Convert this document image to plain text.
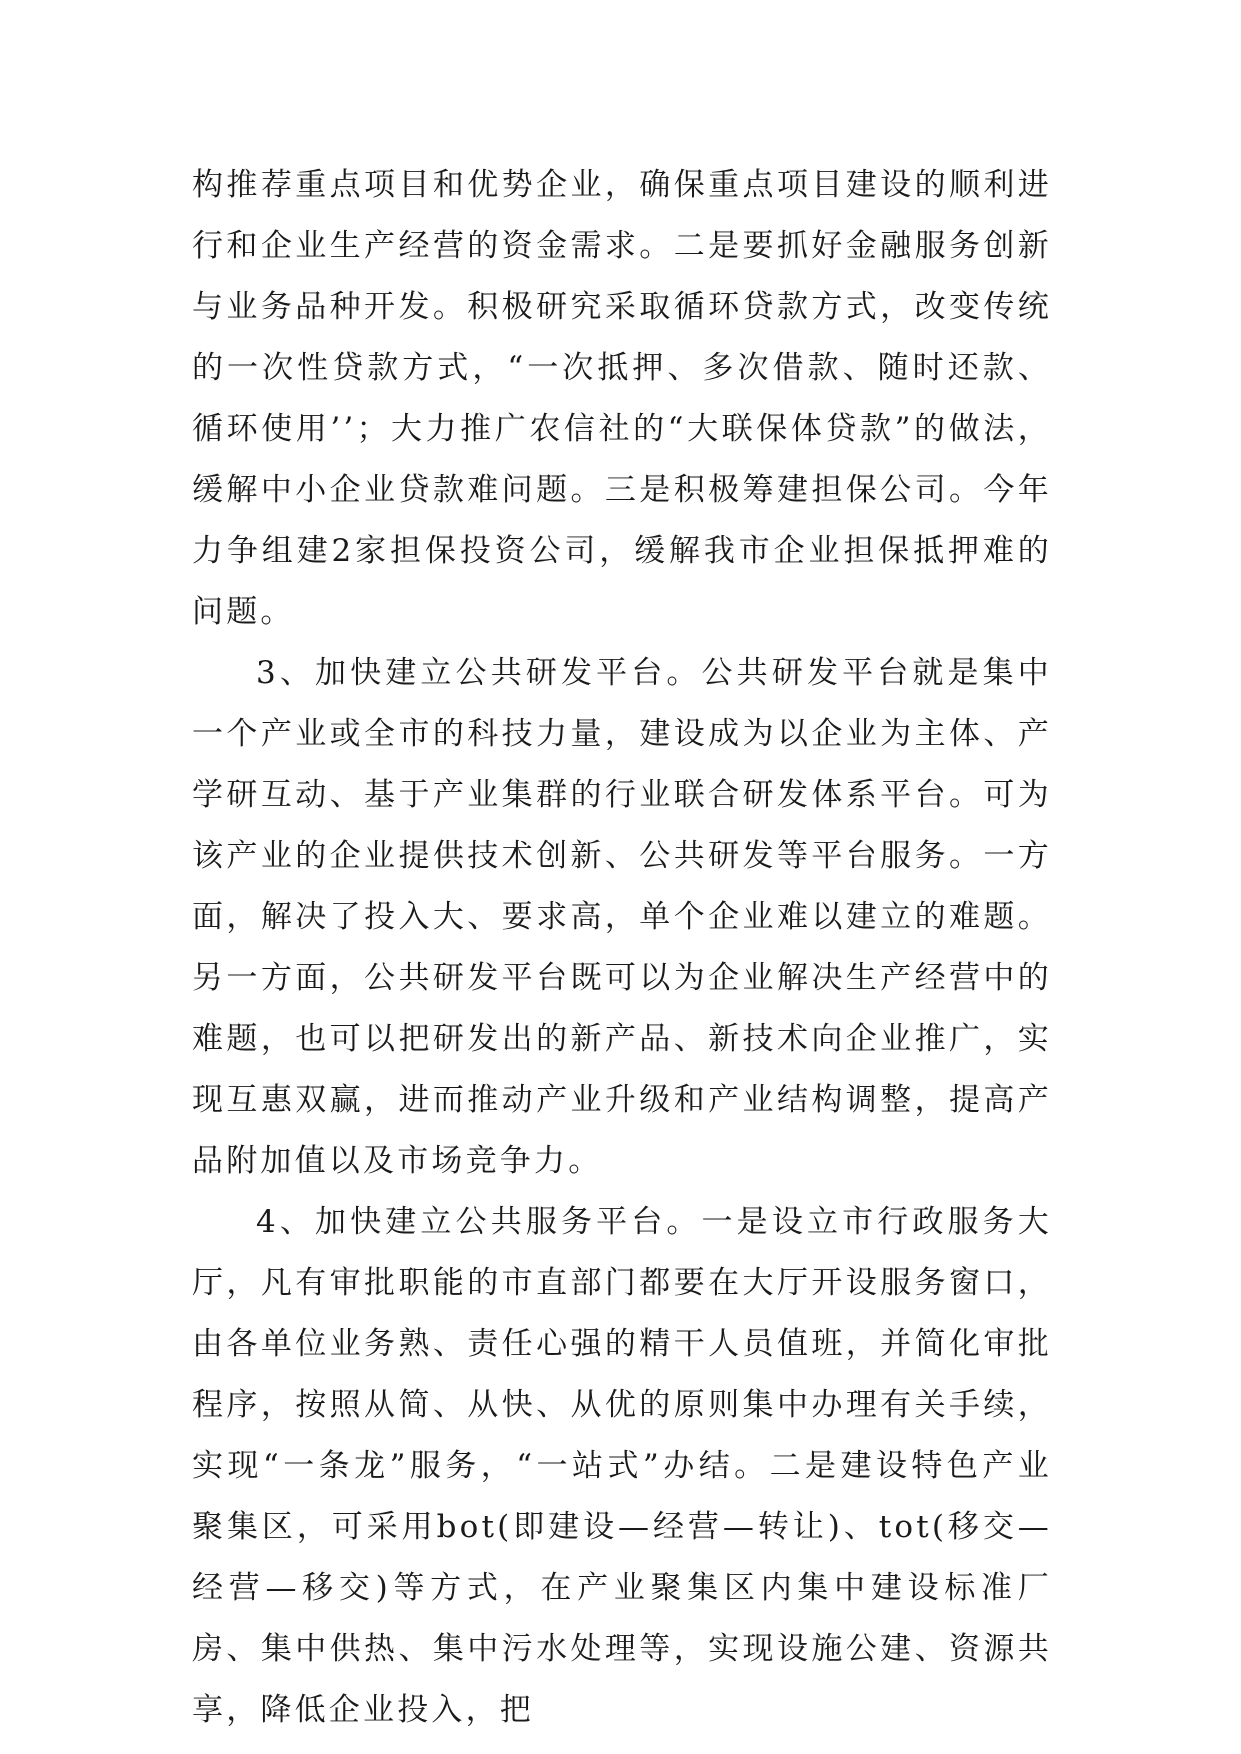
构推荐重点项目和优势企业，确保重点项目建设的顺利进行和企业生产经营的资金需求。二是要抓好金融服务创新与业务品种开发。积极研究采取循环贷款方式，改变传统的一次性贷款方式，“一次抵押、多次借款、随时还款、循环使用’’；大力推广农信社的“大联保体贷款”的做法，缓解中小企业贷款难问题。三是积极筹建担保公司。今年力争组建2家担保投资公司，缓解我市企业担保抵押难的问题。

3、加快建立公共研发平台。公共研发平台就是集中一个产业或全市的科技力量，建设成为以企业为主体、产学研互动、基于产业集群的行业联合研发体系平台。可为该产业的企业提供技术创新、公共研发等平台服务。一方面，解决了投入大、要求高，单个企业难以建立的难题。另一方面，公共研发平台既可以为企业解决生产经营中的难题，也可以把研发出的新产品、新技术向企业推广，实现互惠双赢，进而推动产业升级和产业结构调整，提高产品附加值以及市场竞争力。

4、加快建立公共服务平台。一是设立市行政服务大厅，凡有审批职能的市直部门都要在大厅开设服务窗口，由各单位业务熟、责任心强的精干人员值班，并简化审批程序，按照从简、从快、从优的原则集中办理有关手续，实现“一条龙”服务，“一站式”办结。二是建设特色产业聚集区，可采用bot(即建设—经营—转让)、tot(移交—经营—移交)等方式，在产业聚集区内集中建设标准厂房、集中供热、集中污水处理等，实现设施公建、资源共享，降低企业投入，把
